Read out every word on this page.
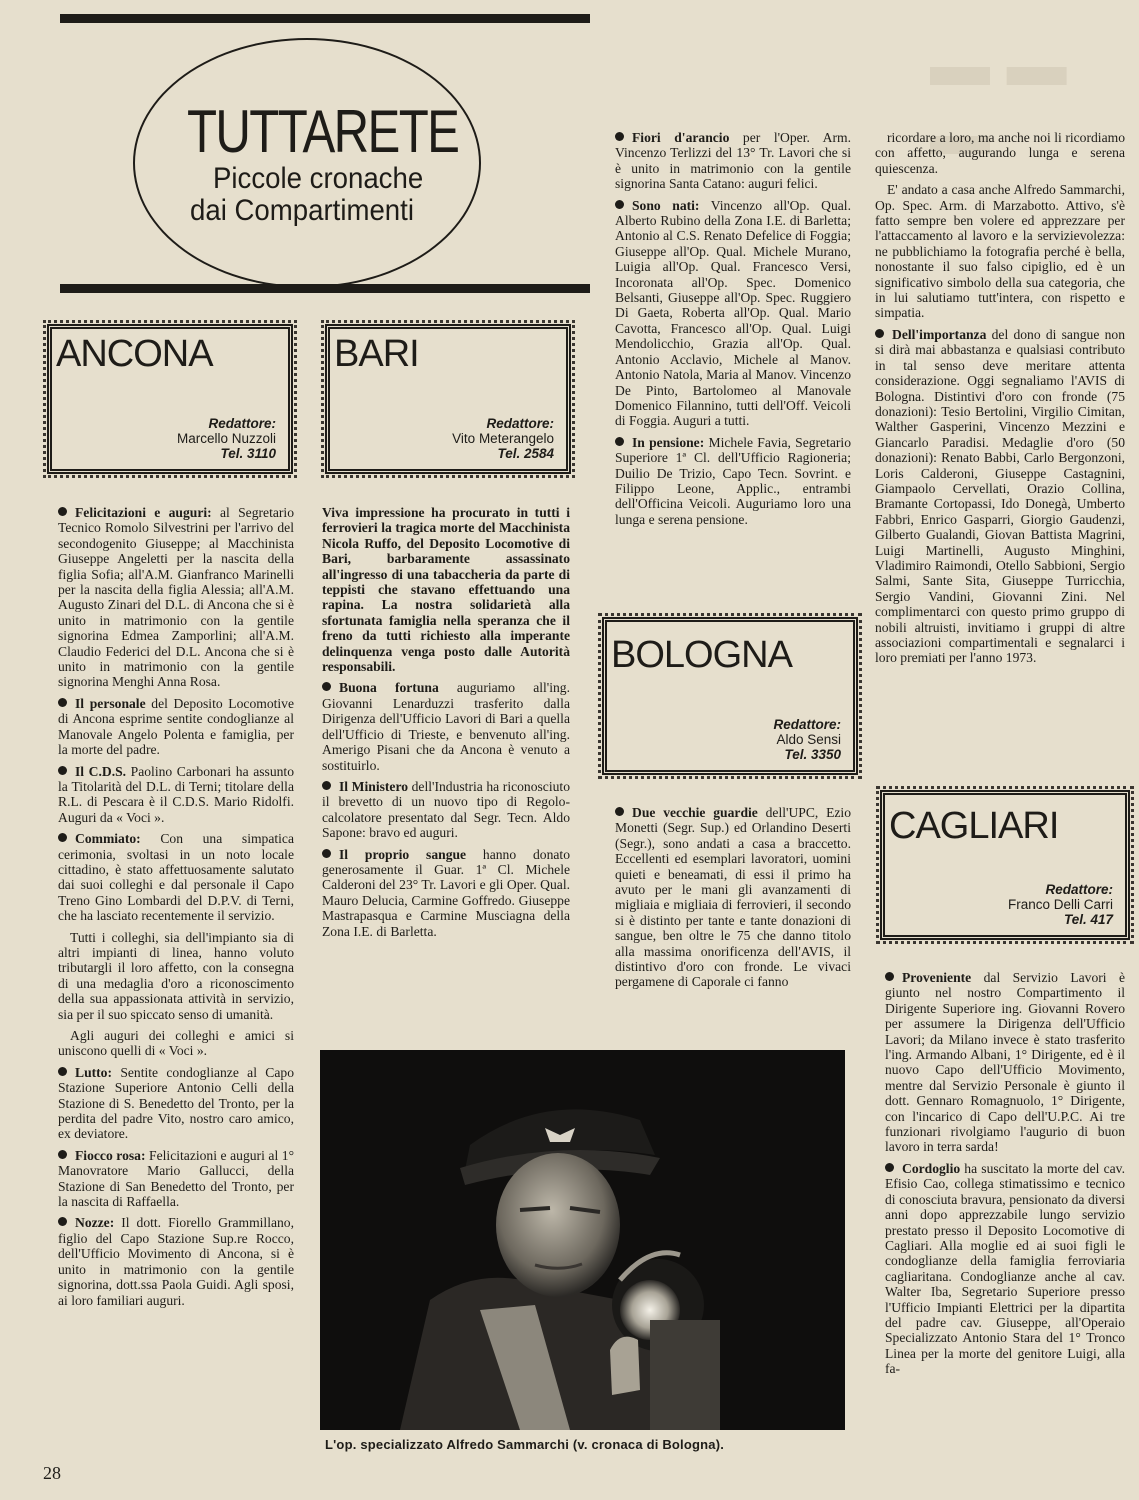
▬ ▬ ▬
TUTTARETE
Piccole cronache
dai Compartimenti
ANCONA
Redattore:
Marcello Nuzzoli
Tel. 3110
BARI
Redattore:
Vito Meterangelo
Tel. 2584

Felicitazioni e auguri: al Segretario Tecnico Romolo Silvestrini per l'arrivo del secondogenito Giuseppe; al Macchinista Giuseppe Angeletti per la nascita della figlia Sofia; all'A.M. Gianfranco Marinelli per la nascita della figlia Alessia; all'A.M. Augusto Zinari del D.L. di Ancona che si è unito in matrimonio con la gentile signorina Edmea Zamporlini; all'A.M. Claudio Federici del D.L. Ancona che si è unito in matrimonio con la gentile signorina Menghi Anna Rosa.

Il personale del Deposito Locomotive di Ancona esprime sentite condoglianze al Manovale Angelo Polenta e famiglia, per la morte del padre.

Il C.D.S. Paolino Carbonari ha assunto la Titolarità del D.L. di Terni; titolare della R.L. di Pescara è il C.D.S. Mario Ridolfi. Auguri da « Voci ».

Commiato: Con una simpatica cerimonia, svoltasi in un noto locale cittadino, è stato affettuosamente salutato dai suoi colleghi e dal personale il Capo Treno Gino Lombardi del D.P.V. di Terni, che ha lasciato recentemente il servizio.

Tutti i colleghi, sia dell'impianto sia di altri impianti di linea, hanno voluto tributargli il loro affetto, con la consegna di una medaglia d'oro a riconoscimento della sua appassionata attività in servizio, sia per il suo spiccato senso di umanità.

Agli auguri dei colleghi e amici si uniscono quelli di « Voci ».

Lutto: Sentite condoglianze al Capo Stazione Superiore Antonio Celli della Stazione di S. Benedetto del Tronto, per la perdita del padre Vito, nostro caro amico, ex deviatore.

Fiocco rosa: Felicitazioni e auguri al 1° Manovratore Mario Gallucci, della Stazione di San Benedetto del Tronto, per la nascita di Raffaella.

Nozze: Il dott. Fiorello Grammillano, figlio del Capo Stazione Sup.re Rocco, dell'Ufficio Movimento di Ancona, si è unito in matrimonio con la gentile signorina, dott.ssa Paola Guidi. Agli sposi, ai loro familiari auguri.

Viva impressione ha procurato in tutti i ferrovieri la tragica morte del Macchinista Nicola Ruffo, del Deposito Locomotive di Bari, barbaramente assassinato all'ingresso di una tabaccheria da parte di teppisti che stavano effettuando una rapina. La nostra solidarietà alla sfortunata famiglia nella speranza che il freno da tutti richiesto alla imperante delinquenza venga posto dalle Autorità responsabili.

Buona fortuna auguriamo all'ing. Giovanni Lenarduzzi trasferito dalla Dirigenza dell'Ufficio Lavori di Bari a quella dell'Ufficio di Trieste, e benvenuto all'ing. Amerigo Pisani che da Ancona è venuto a sostituirlo.

Il Ministero dell'Industria ha riconosciuto il brevetto di un nuovo tipo di Regolo-calcolatore presentato dal Segr. Tecn. Aldo Sapone: bravo ed auguri.

Il proprio sangue hanno donato generosamente il Guar. 1ª Cl. Michele Calderoni del 23° Tr. Lavori e gli Oper. Qual. Mauro Delucia, Carmine Goffredo. Giuseppe Mastrapasqua e Carmine Musciagna della Zona I.E. di Barletta.

Fiori d'arancio per l'Oper. Arm. Vincenzo Terlizzi del 13° Tr. Lavori che si è unito in matrimonio con la gentile signorina Santa Catano: auguri felici.

Sono nati: Vincenzo all'Op. Qual. Alberto Rubino della Zona I.E. di Barletta; Antonio al C.S. Renato Defelice di Foggia; Giuseppe all'Op. Qual. Michele Murano, Luigia all'Op. Qual. Francesco Versi, Incoronata all'Op. Spec. Domenico Belsanti, Giuseppe all'Op. Spec. Ruggiero Di Gaeta, Roberta all'Op. Qual. Mario Cavotta, Francesco all'Op. Qual. Luigi Mendolicchio, Grazia all'Op. Qual. Antonio Acclavio, Michele al Manov. Antonio Natola, Maria al Manov. Vincenzo De Pinto, Bartolomeo al Manovale Domenico Filannino, tutti dell'Off. Veicoli di Foggia. Auguri a tutti.

In pensione: Michele Favia, Segretario Superiore 1ª Cl. dell'Ufficio Ragioneria; Duilio De Trizio, Capo Tecn. Sovrint. e Filippo Leone, Applic., entrambi dell'Officina Veicoli. Auguriamo loro una lunga e serena pensione.

BOLOGNA
Redattore:
Aldo Sensi
Tel. 3350

Due vecchie guardie dell'UPC, Ezio Monetti (Segr. Sup.) ed Orlandino Deserti (Segr.), sono andati a casa a braccetto. Eccellenti ed esemplari lavoratori, uomini quieti e beneamati, di essi il primo ha avuto per le mani gli avanzamenti di migliaia e migliaia di ferrovieri, il secondo si è distinto per tante e tante donazioni di sangue, ben oltre le 75 che danno titolo alla massima onorificenza dell'AVIS, il distintivo d'oro con fronde. Le vivaci pergamene di Caporale ci fanno

ricordare a loro, ma anche noi li ricordiamo con affetto, augurando lunga e serena quiescenza.

E' andato a casa anche Alfredo Sammarchi, Op. Spec. Arm. di Marzabotto. Attivo, s'è fatto sempre ben volere ed apprezzare per l'attaccamento al lavoro e la servizievolezza: ne pubblichiamo la fotografia perché è bella, nonostante il suo falso cipiglio, ed è un significativo simbolo della sua categoria, che in lui salutiamo tutt'intera, con rispetto e simpatia.

Dell'importanza del dono di sangue non si dirà mai abbastanza e qualsiasi contributo in tal senso deve meritare attenta considerazione. Oggi segnaliamo l'AVIS di Bologna. Distintivi d'oro con fronde (75 donazioni): Tesio Bertolini, Virgilio Cimitan, Walther Gasperini, Vincenzo Mezzini e Giancarlo Paradisi. Medaglie d'oro (50 donazioni): Renato Babbi, Carlo Bergonzoni, Loris Calderoni, Giuseppe Castagnini, Giampaolo Cervellati, Orazio Collina, Bramante Cortopassi, Ido Donegà, Umberto Fabbri, Enrico Gasparri, Giorgio Gaudenzi, Gilberto Gualandi, Giovan Battista Magrini, Luigi Martinelli, Augusto Minghini, Vladimiro Raimondi, Otello Sabbioni, Sergio Salmi, Sante Sita, Giuseppe Turricchia, Sergio Vandini, Giovanni Zini. Nel complimentarci con questo primo gruppo di nobili altruisti, invitiamo i gruppi di altre associazioni compartimentali e segnalarci i loro premiati per l'anno 1973.

CAGLIARI
Redattore:
Franco Delli Carri
Tel. 417

Proveniente dal Servizio Lavori è giunto nel nostro Compartimento il Dirigente Superiore ing. Giovanni Rovero per assumere la Dirigenza dell'Ufficio Lavori; da Milano invece è stato trasferito l'ing. Armando Albani, 1° Dirigente, ed è il nuovo Capo dell'Ufficio Movimento, mentre dal Servizio Personale è giunto il dott. Gennaro Romagnuolo, 1° Dirigente, con l'incarico di Capo dell'U.P.C. Ai tre funzionari rivolgiamo l'augurio di buon lavoro in terra sarda!

Cordoglio ha suscitato la morte del cav. Efisio Cao, collega stimatissimo e tecnico di conosciuta bravura, pensionato da diversi anni dopo apprezzabile lungo servizio prestato presso il Deposito Locomotive di Cagliari. Alla moglie ed ai suoi figli le condoglianze della famiglia ferroviaria cagliaritana. Condoglianze anche al cav. Walter Iba, Segretario Superiore presso l'Ufficio Impianti Elettrici per la dipartita del padre cav. Giuseppe, all'Operaio Specializzato Antonio Stara del 1° Tronco Linea per la morte del genitore Luigi, alla fa-

L'op. specializzato Alfredo Sammarchi (v. cronaca di Bologna).
28
